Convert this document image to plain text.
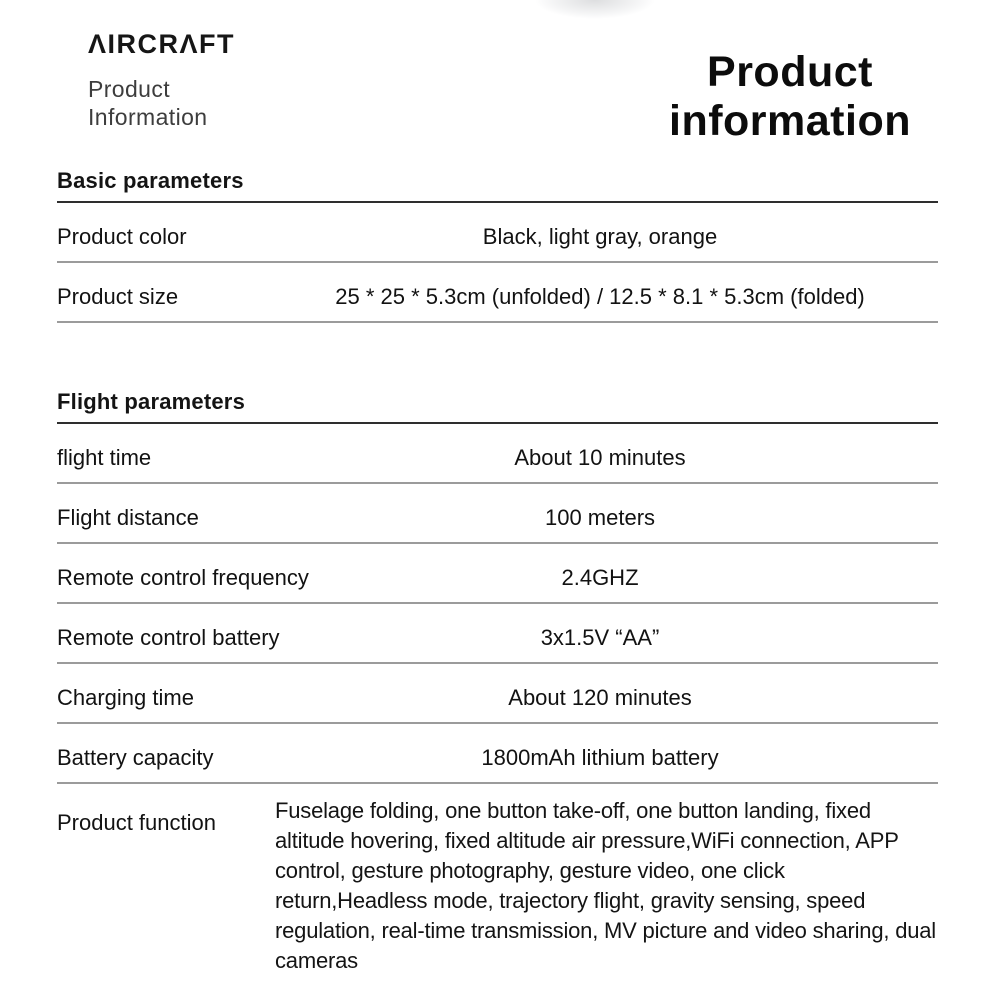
ΛIRCRΛFT
Product
Information
Product
information
Basic parameters
Product color	Black, light gray, orange
Product size	25 * 25 * 5.3cm (unfolded) / 12.5 * 8.1 * 5.3cm (folded)
Flight parameters
flight time	About 10 minutes
Flight distance	100 meters
Remote control frequency	2.4GHZ
Remote control battery	3x1.5V “AA”
Charging time	About 120 minutes
Battery capacity	1800mAh lithium battery
Product function	Fuselage folding, one button take-off, one button landing, fixed altitude hovering, fixed altitude air pressure,WiFi connection, APP control, gesture photography, gesture video, one click return,Headless mode, trajectory flight, gravity sensing, speed regulation, real-time transmission, MV picture and video sharing, dual cameras
